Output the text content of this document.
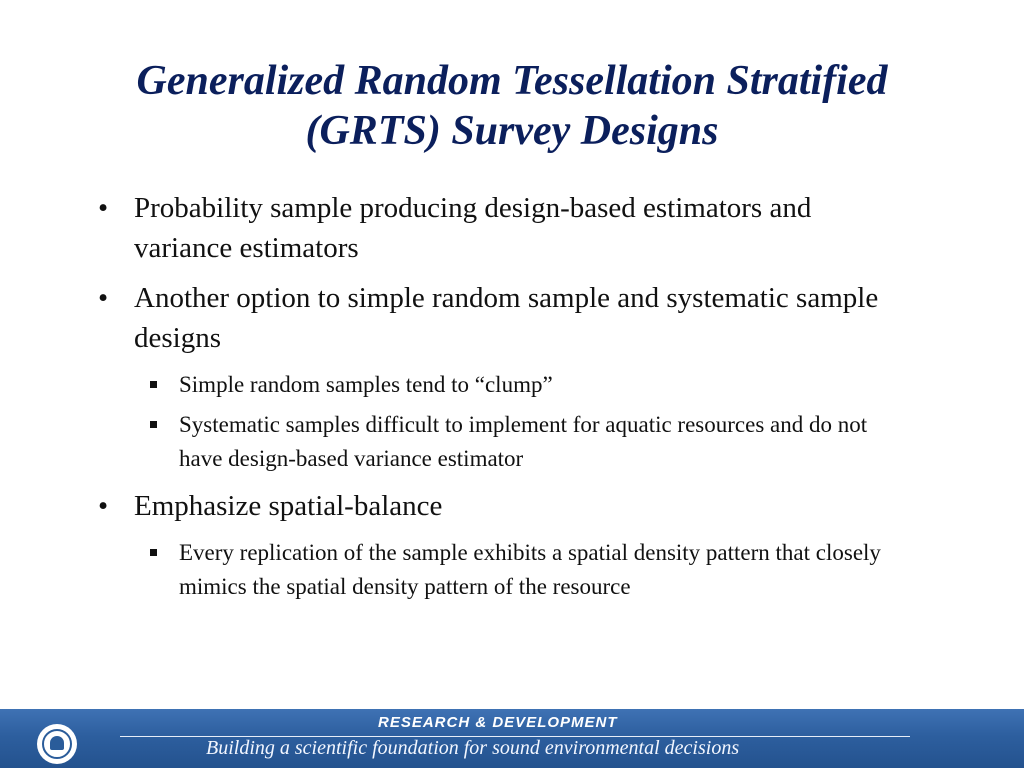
Generalized Random Tessellation Stratified
(GRTS) Survey Designs
• Probability sample producing design-based estimators and variance estimators
• Another option to simple random sample and systematic sample designs
Simple random samples tend to “clump”
Systematic samples difficult to implement for aquatic resources and do not have design-based variance estimator
• Emphasize spatial-balance
Every replication of the sample exhibits a spatial density pattern that closely mimics the spatial density pattern of the resource
RESEARCH & DEVELOPMENT
Building a scientific foundation for sound environmental decisions
